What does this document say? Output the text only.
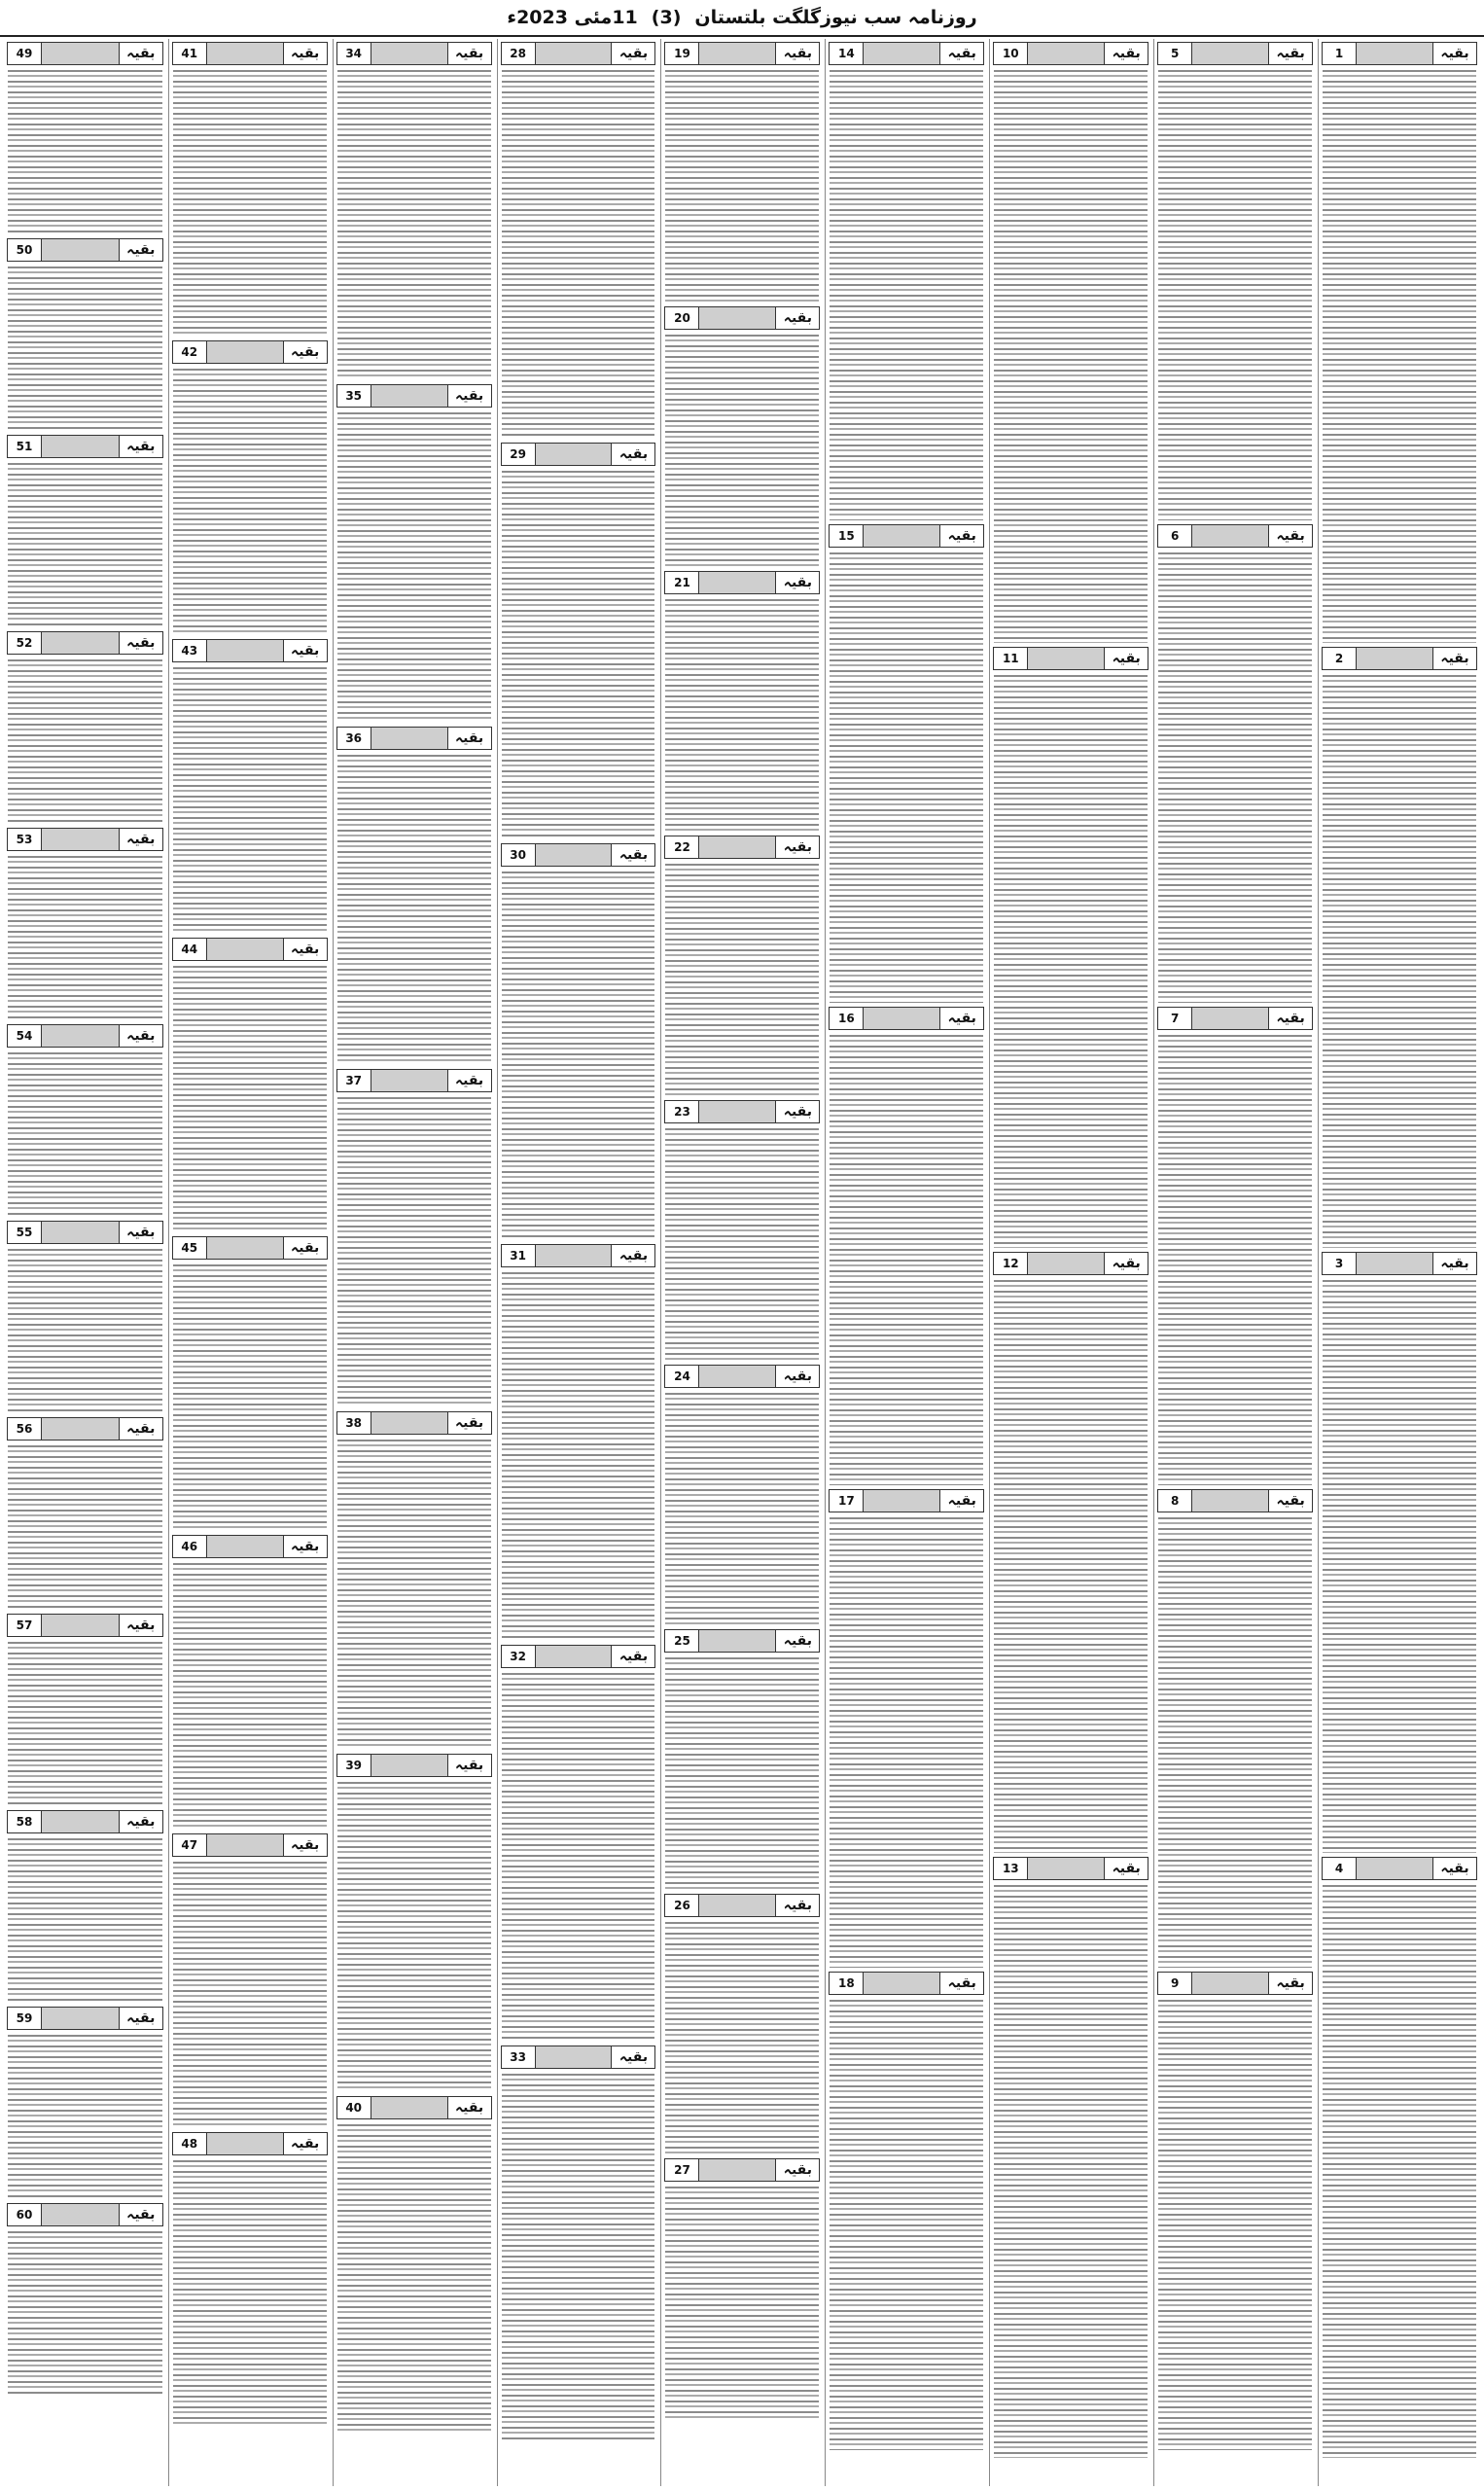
روزنامہ سب نیوزگلگت بلتستان
(3)
11مئی 2023ء
بقیہ
1
بقیہ
2
بقیہ
3
بقیہ
4
بقیہ
5
بقیہ
6
بقیہ
7
بقیہ
8
بقیہ
9
بقیہ
10
بقیہ
11
بقیہ
12
بقیہ
13
بقیہ
14
بقیہ
15
بقیہ
16
بقیہ
17
بقیہ
18
بقیہ
19
بقیہ
20
بقیہ
21
بقیہ
22
بقیہ
23
بقیہ
24
بقیہ
25
بقیہ
26
بقیہ
27
بقیہ
28
بقیہ
29
بقیہ
30
بقیہ
31
بقیہ
32
بقیہ
33
بقیہ
34
بقیہ
35
بقیہ
36
بقیہ
37
بقیہ
38
بقیہ
39
بقیہ
40
بقیہ
41
بقیہ
42
بقیہ
43
بقیہ
44
بقیہ
45
بقیہ
46
بقیہ
47
بقیہ
48
بقیہ
49
بقیہ
50
بقیہ
51
بقیہ
52
بقیہ
53
بقیہ
54
بقیہ
55
بقیہ
56
بقیہ
57
بقیہ
58
بقیہ
59
بقیہ
60
